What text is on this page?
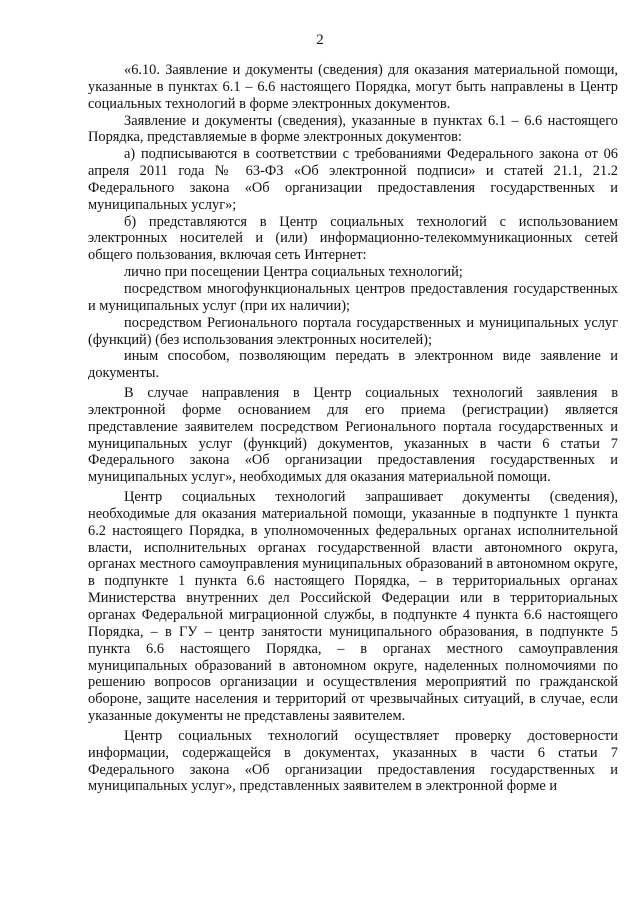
2

«6.10. Заявление и документы (сведения) для оказания материальной помощи, указанные в пунктах 6.1 – 6.6 настоящего Порядка, могут быть направлены в Центр социальных технологий в форме электронных документов.

Заявление и документы (сведения), указанные в пунктах 6.1 – 6.6 настоящего Порядка, представляемые в форме электронных документов:

а) подписываются в соответствии с требованиями Федерального закона от 06 апреля 2011 года № 63-ФЗ «Об электронной подписи» и статей 21.1, 21.2 Федерального закона «Об организации предоставления государственных и муниципальных услуг»;

б) представляются в Центр социальных технологий с использованием электронных носителей и (или) информационно-телекоммуникационных сетей общего пользования, включая сеть Интернет:

лично при посещении Центра социальных технологий;

посредством многофункциональных центров предоставления государственных и муниципальных услуг (при их наличии);

посредством Регионального портала государственных и муниципальных услуг (функций) (без использования электронных носителей);

иным способом, позволяющим передать в электронном виде заявление и документы.

В случае направления в Центр социальных технологий заявления в электронной форме основанием для его приема (регистрации) является представление заявителем посредством Регионального портала государственных и муниципальных услуг (функций) документов, указанных в части 6 статьи 7 Федерального закона «Об организации предоставления государственных и муниципальных услуг», необходимых для оказания материальной помощи.

Центр социальных технологий запрашивает документы (сведения), необходимые для оказания материальной помощи, указанные в подпункте 1 пункта 6.2 настоящего Порядка, в уполномоченных федеральных органах исполнительной власти, исполнительных органах государственной власти автономного округа, органах местного самоуправления муниципальных образований в автономном округе, в подпункте 1 пункта 6.6 настоящего Порядка, – в территориальных органах Министерства внутренних дел Российской Федерации или в территориальных органах Федеральной миграционной службы, в подпункте 4 пункта 6.6 настоящего Порядка, – в ГУ – центр занятости муниципального образования, в подпункте 5 пункта 6.6 настоящего Порядка, – в органах местного самоуправления муниципальных образований в автономном округе, наделенных полномочиями по решению вопросов организации и осуществления мероприятий по гражданской обороне, защите населения и территорий от чрезвычайных ситуаций, в случае, если указанные документы не представлены заявителем.

Центр социальных технологий осуществляет проверку достоверности информации, содержащейся в документах, указанных в части 6 статьи 7 Федерального закона «Об организации предоставления государственных и муниципальных услуг», представленных заявителем в электронной форме и
